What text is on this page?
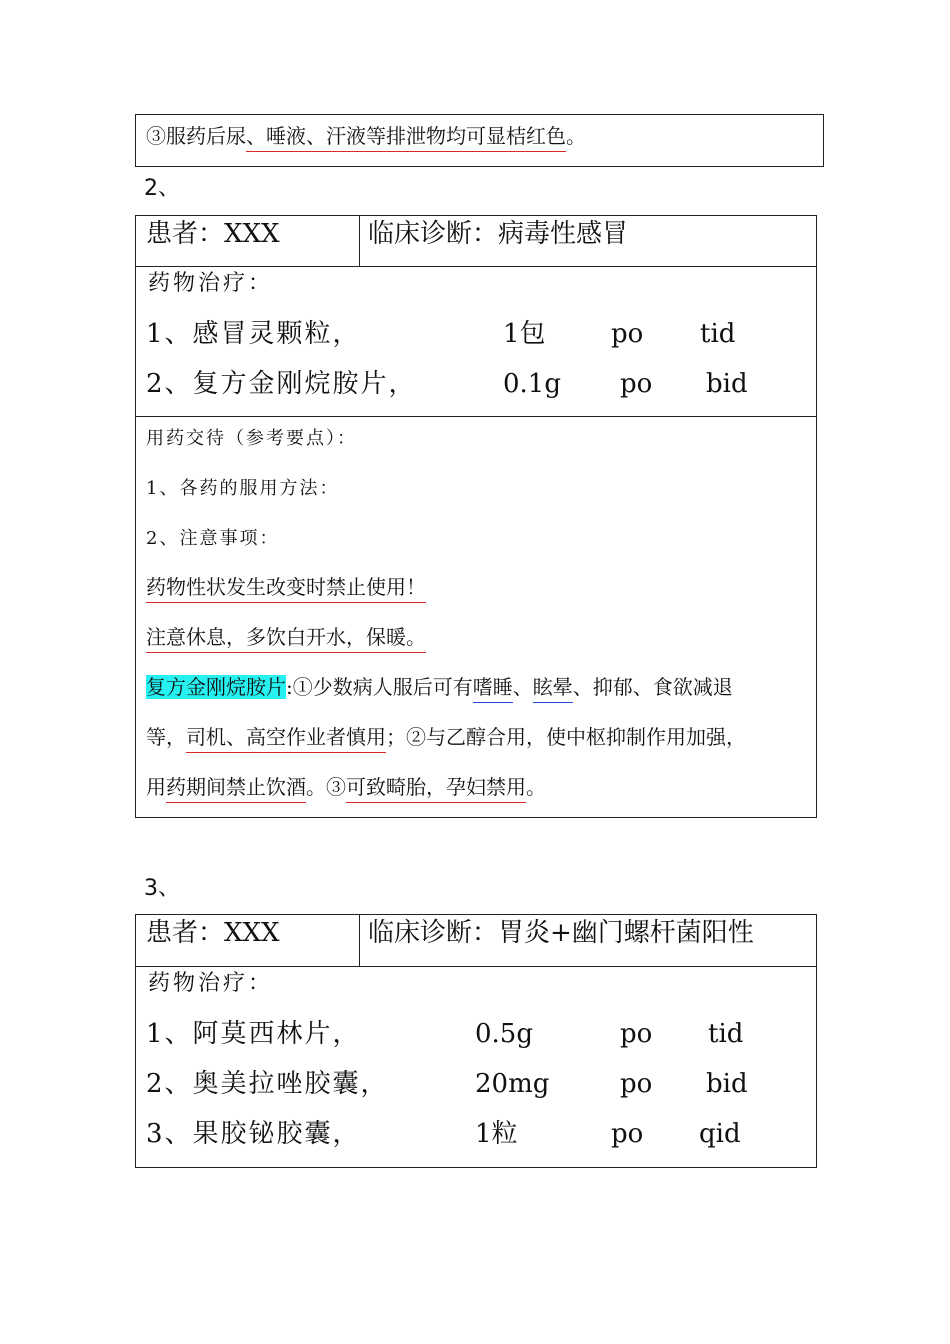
③服药后尿、唾液、汗液等排泄物均可显桔红色。
2、
患者：XXX	临床诊断：病毒性感冒
药物治疗：
1、感冒灵颗粒，	1包	po tid
2、复方金刚烷胺片，	0.1g po bid
用药交待（参考要点）：
1、各药的服用方法：
2、注意事项：
药物性状发生改变时禁止使用！
注意休息，多饮白开水，保暖。
复方金刚烷胺片:①少数病人服后可有嗜睡、眩晕、抑郁、食欲减退
等，司机、高空作业者慎用；②与乙醇合用，使中枢抑制作用加强，
用药期间禁止饮酒。③可致畸胎，孕妇禁用。
3、
患者：XXX	临床诊断：胃炎+幽门螺杆菌阳性
药物治疗：
1、阿莫西林片，	0.5g	po tid
2、奥美拉唑胶囊，	20mg	po bid
3、果胶铋胶囊，	1粒	po qid
